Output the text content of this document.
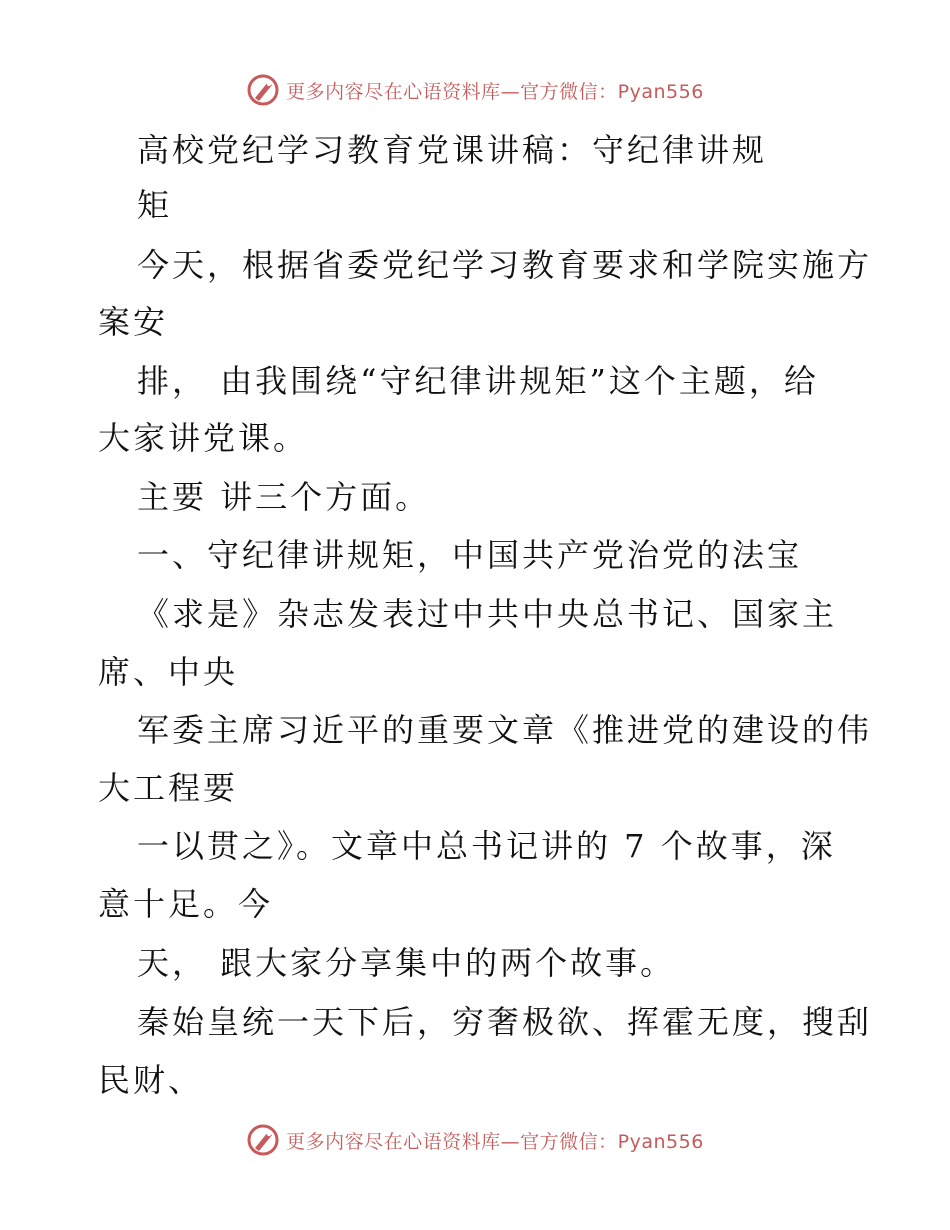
更多内容尽在心语资料库—官方微信：Pyan556
高校党纪学习教育党课讲稿：守纪律讲规
矩
今天，根据省委党纪学习教育要求和学院实施方
案安
排， 由我围绕“守纪律讲规矩”这个主题，给
大家讲党课。
主要 讲三个方面。
一、守纪律讲规矩，中国共产党治党的法宝
《求是》杂志发表过中共中央总书记、国家主
席、中央
军委主席习近平的重要文章《推进党的建设的伟
大工程要
一以贯之》。文章中总书记讲的 7 个故事，深
意十足。今
天， 跟大家分享集中的两个故事。
秦始皇统一天下后，穷奢极欲、挥霍无度，搜刮
民财、
更多内容尽在心语资料库—官方微信：Pyan556
